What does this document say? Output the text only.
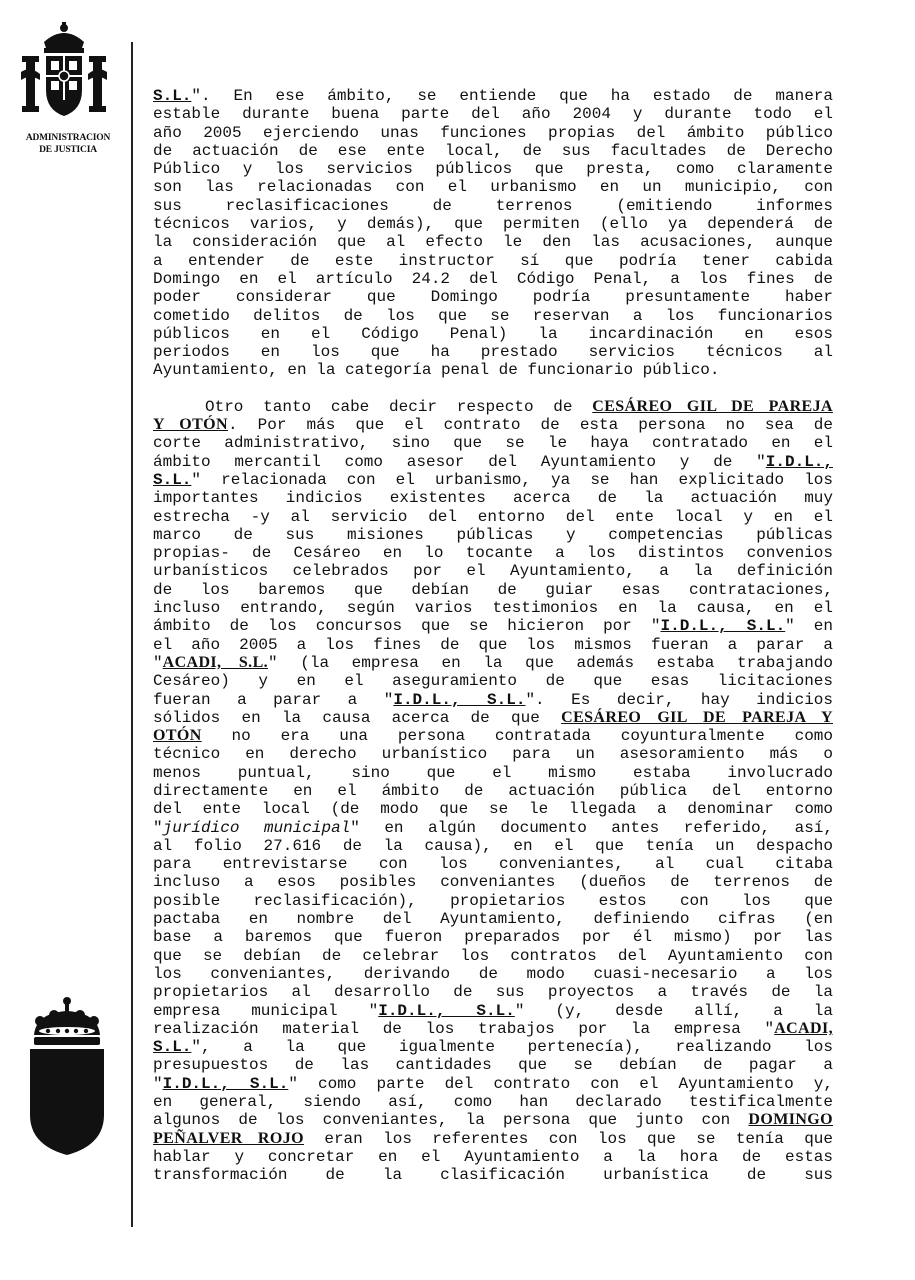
ADMINISTRACION
DE JUSTICIA

S.L.". En ese ámbito, se entiende que ha estado de manera
estable durante buena parte del año 2004 y durante todo el
año 2005 ejerciendo unas funciones propias del ámbito público
de actuación de ese ente local, de sus facultades de Derecho
Público y los servicios públicos que presta, como claramente
son las relacionadas con el urbanismo en un municipio, con
sus reclasificaciones de terrenos (emitiendo informes
técnicos varios, y demás), que permiten (ello ya dependerá de
la consideración que al efecto le den las acusaciones, aunque
a entender de este instructor sí que podría tener cabida
Domingo en el artículo 24.2 del Código Penal, a los fines de
poder considerar que Domingo podría presuntamente haber
cometido delitos de los que se reservan a los funcionarios
públicos en el Código Penal) la incardinación en esos
periodos en los que ha prestado servicios técnicos al
Ayuntamiento, en la categoría penal de funcionario público.

Otro tanto cabe decir respecto de CESÁREO GIL DE PAREJA
Y OTÓN. Por más que el contrato de esta persona no sea de
corte administrativo, sino que se le haya contratado en el
ámbito mercantil como asesor del Ayuntamiento y de "I.D.L.,
S.L." relacionada con el urbanismo, ya se han explicitado los
importantes indicios existentes acerca de la actuación muy
estrecha -y al servicio del entorno del ente local y en el
marco de sus misiones públicas y competencias públicas
propias- de Cesáreo en lo tocante a los distintos convenios
urbanísticos celebrados por el Ayuntamiento, a la definición
de los baremos que debían de guiar esas contrataciones,
incluso entrando, según varios testimonios en la causa, en el
ámbito de los concursos que se hicieron por "I.D.L., S.L." en
el año 2005 a los fines de que los mismos fueran a parar a
"ACADI, S.L." (la empresa en la que además estaba trabajando
Cesáreo) y en el aseguramiento de que esas licitaciones
fueran a parar a "I.D.L., S.L.". Es decir, hay indicios
sólidos en la causa acerca de que CESÁREO GIL DE PAREJA Y
OTÓN no era una persona contratada coyunturalmente como
técnico en derecho urbanístico para un asesoramiento más o
menos puntual, sino que el mismo estaba involucrado
directamente en el ámbito de actuación pública del entorno
del ente local (de modo que se le llegada a denominar como
"jurídico municipal" en algún documento antes referido, así,
al folio 27.616 de la causa), en el que tenía un despacho
para entrevistarse con los conveniantes, al cual citaba
incluso a esos posibles conveniantes (dueños de terrenos de
posible reclasificación), propietarios estos con los que
pactaba en nombre del Ayuntamiento, definiendo cifras (en
base a baremos que fueron preparados por él mismo) por las
que se debían de celebrar los contratos del Ayuntamiento con
los conveniantes, derivando de modo cuasi-necesario a los
propietarios al desarrollo de sus proyectos a través de la
empresa municipal "I.D.L., S.L." (y, desde allí, a la
realización material de los trabajos por la empresa "ACADI,
S.L.", a la que igualmente pertenecía), realizando los
presupuestos de las cantidades que se debían de pagar a
"I.D.L., S.L." como parte del contrato con el Ayuntamiento y,
en general, siendo así, como han declarado testificalmente
algunos de los conveniantes, la persona que junto con DOMINGO
PEÑALVER ROJO eran los referentes con los que se tenía que
hablar y concretar en el Ayuntamiento a la hora de estas
transformación de la clasificación urbanística de sus
